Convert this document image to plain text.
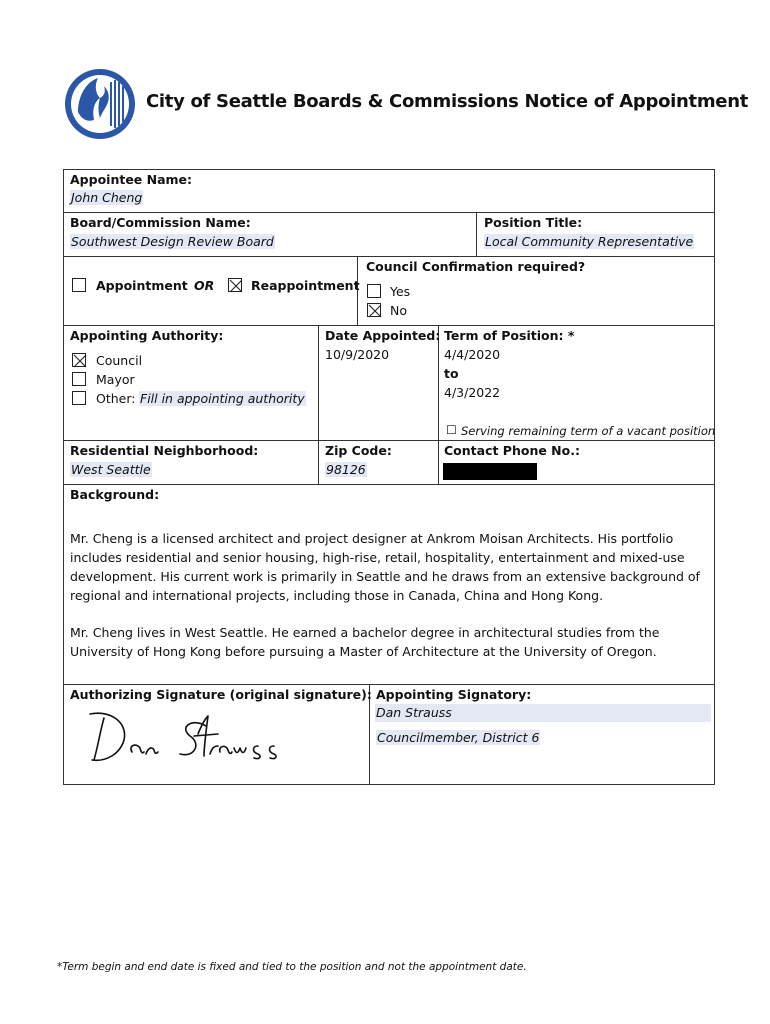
City of Seattle Boards & Commissions Notice of Appointment
Appointee Name:
John Cheng
Board/Commission Name:
Southwest Design Review Board
Position Title:
Local Community Representative
Appointment OR	Reappointment
Council Confirmation required?
Yes
No
Appointing Authority:
Council
Mayor
Other: Fill in appointing authority
Date Appointed:
10/9/2020
Term of Position: *
4/4/2020
to
4/3/2022
☐ Serving remaining term of a vacant position
Residential Neighborhood:
West Seattle
Zip Code:
98126
Contact Phone No.:
Background:
Mr. Cheng is a licensed architect and project designer at Ankrom Moisan Architects. His portfolio
includes residential and senior housing, high-rise, retail, hospitality, entertainment and mixed-use
development. His current work is primarily in Seattle and he draws from an extensive background of
regional and international projects, including those in Canada, China and Hong Kong.
Mr. Cheng lives in West Seattle. He earned a bachelor degree in architectural studies from the
University of Hong Kong before pursuing a Master of Architecture at the University of Oregon.
Authorizing Signature (original signature): Appointing Signatory:
Dan Strauss
Councilmember, District 6
*Term begin and end date is fixed and tied to the position and not the appointment date.
